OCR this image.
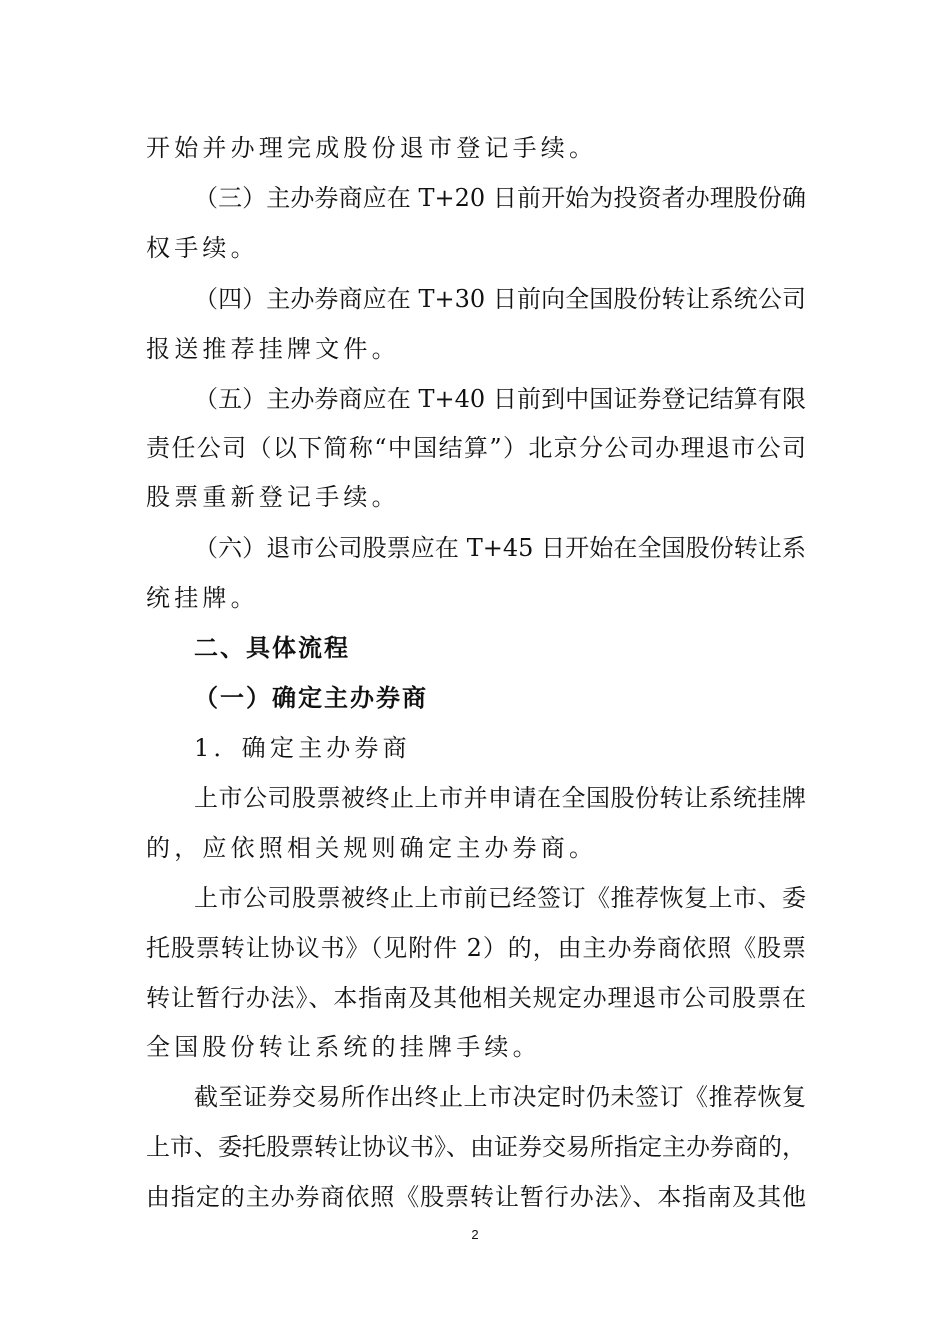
开始并办理完成股份退市登记手续。
（三）主办券商应在 T+20 日前开始为投资者办理股份确
权手续。
（四）主办券商应在 T+30 日前向全国股份转让系统公司
报送推荐挂牌文件。
（五）主办券商应在 T+40 日前到中国证券登记结算有限
责任公司（以下简称“中国结算”）北京分公司办理退市公司
股票重新登记手续。
（六）退市公司股票应在 T+45 日开始在全国股份转让系
统挂牌。
二、具体流程
（一）确定主办券商
1．确定主办券商
上市公司股票被终止上市并申请在全国股份转让系统挂牌
的，应依照相关规则确定主办券商。
上市公司股票被终止上市前已经签订《推荐恢复上市、委
托股票转让协议书》（见附件 2）的，由主办券商依照《股票
转让暂行办法》、本指南及其他相关规定办理退市公司股票在
全国股份转让系统的挂牌手续。
截至证券交易所作出终止上市决定时仍未签订《推荐恢复
上市、委托股票转让协议书》、由证券交易所指定主办券商的，
由指定的主办券商依照《股票转让暂行办法》、本指南及其他
2
